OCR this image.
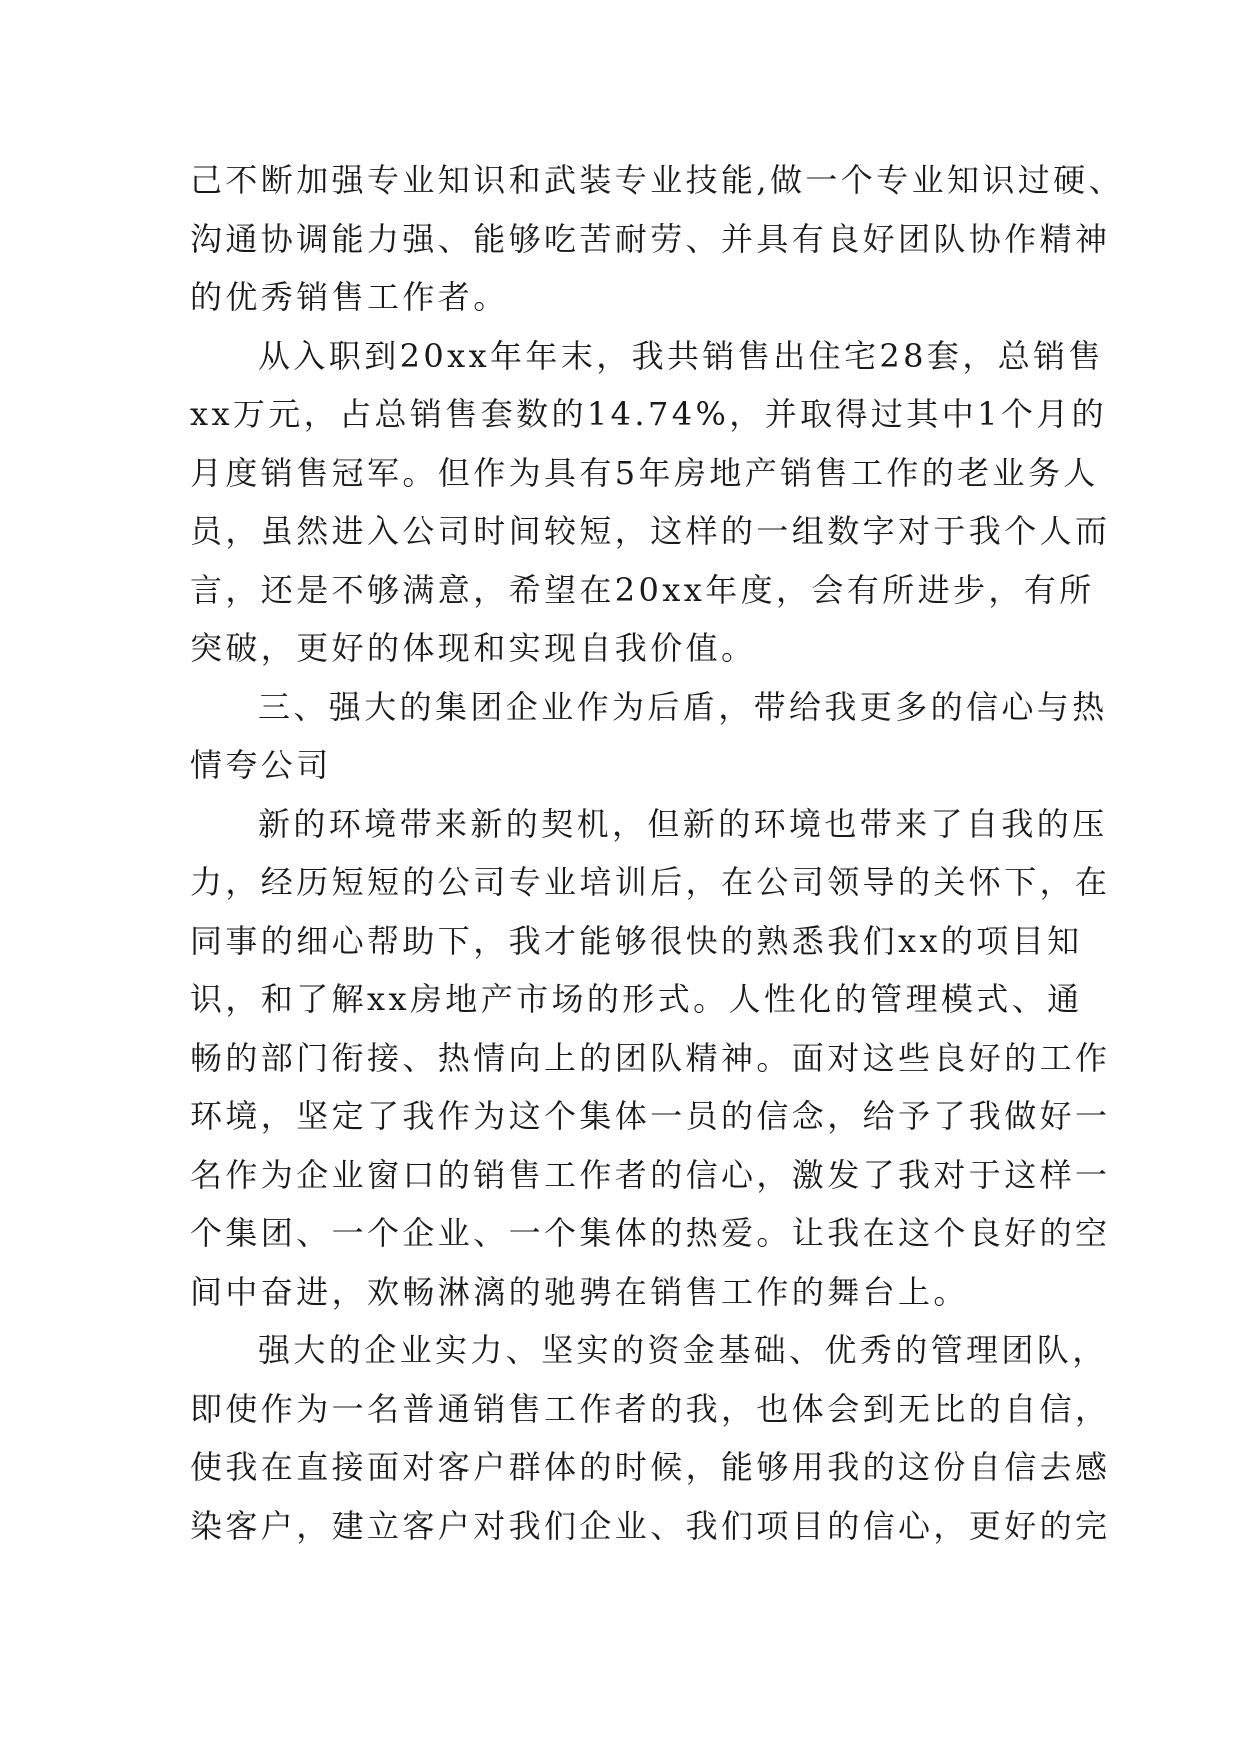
己不断加强专业知识和武装专业技能,做一个专业知识过硬、
沟通协调能力强、能够吃苦耐劳、并具有良好团队协作精神
的优秀销售工作者。
从入职到20xx年年末，我共销售出住宅28套，总销售
xx万元，占总销售套数的14.74%，并取得过其中1个月的
月度销售冠军。但作为具有5年房地产销售工作的老业务人
员，虽然进入公司时间较短，这样的一组数字对于我个人而
言，还是不够满意，希望在20xx年度，会有所进步，有所
突破，更好的体现和实现自我价值。
三、强大的集团企业作为后盾，带给我更多的信心与热
情夸公司
新的环境带来新的契机，但新的环境也带来了自我的压
力，经历短短的公司专业培训后，在公司领导的关怀下，在
同事的细心帮助下，我才能够很快的熟悉我们xx的项目知
识，和了解xx房地产市场的形式。人性化的管理模式、通
畅的部门衔接、热情向上的团队精神。面对这些良好的工作
环境，坚定了我作为这个集体一员的信念，给予了我做好一
名作为企业窗口的销售工作者的信心，激发了我对于这样一
个集团、一个企业、一个集体的热爱。让我在这个良好的空
间中奋进，欢畅淋漓的驰骋在销售工作的舞台上。
强大的企业实力、坚实的资金基础、优秀的管理团队，
即使作为一名普通销售工作者的我，也体会到无比的自信，
使我在直接面对客户群体的时候，能够用我的这份自信去感
染客户，建立客户对我们企业、我们项目的信心，更好的完
